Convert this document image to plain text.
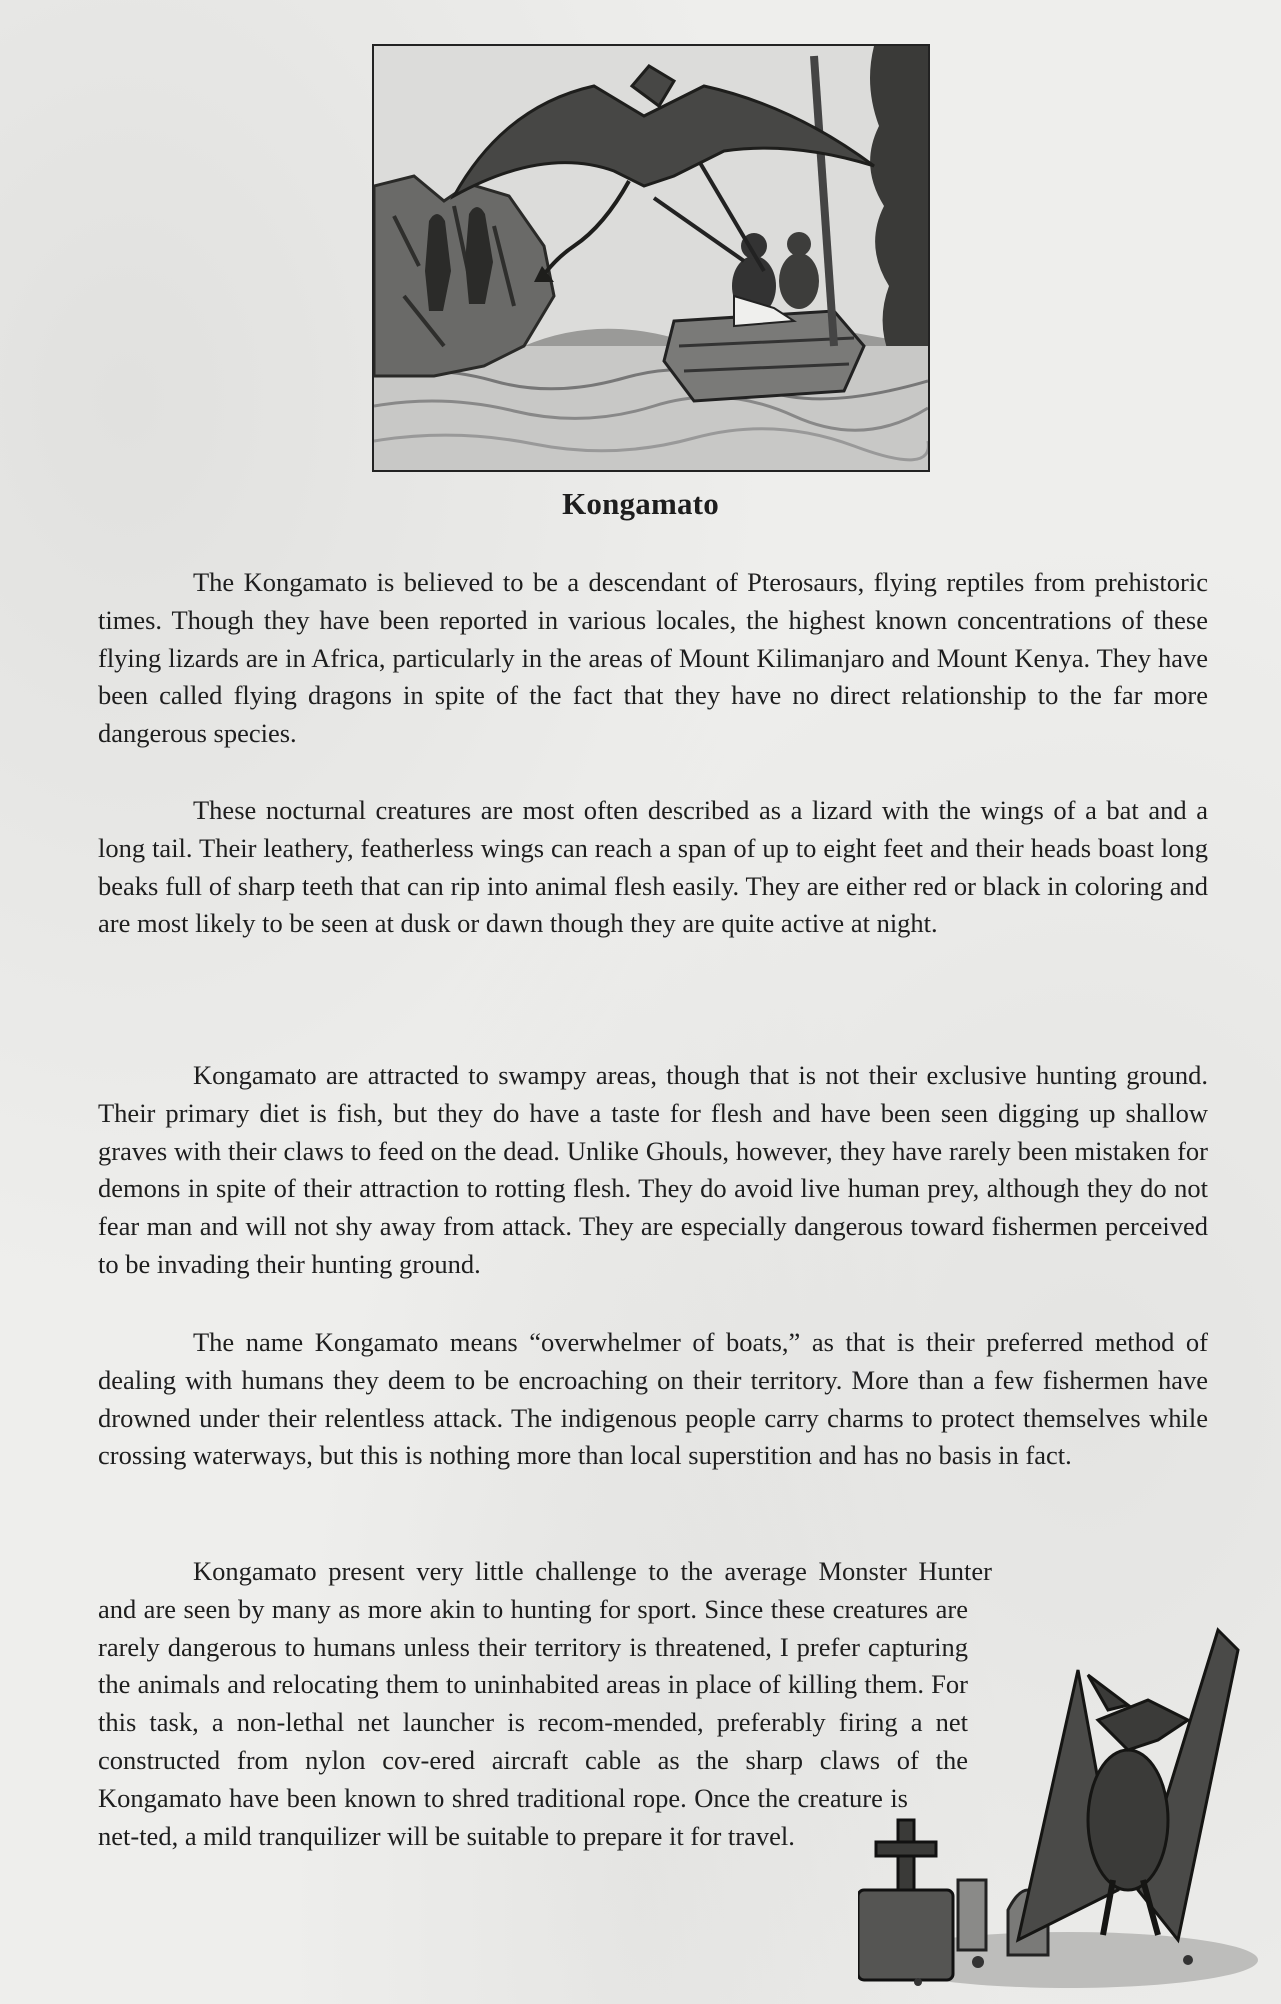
Kongamato

The Kongamato is believed to be a descendant of Pterosaurs, flying reptiles from prehistoric times. Though they have been reported in various locales, the highest known concentrations of these flying lizards are in Africa, particularly in the areas of Mount Kilimanjaro and Mount Kenya. They have been called flying dragons in spite of the fact that they have no direct relationship to the far more dangerous species.

These nocturnal creatures are most often described as a lizard with the wings of a bat and a long tail. Their leathery, featherless wings can reach a span of up to eight feet and their heads boast long beaks full of sharp teeth that can rip into animal flesh easily. They are either red or black in coloring and are most likely to be seen at dusk or dawn though they are quite active at night.

Kongamato are attracted to swampy areas, though that is not their exclusive hunting ground. Their primary diet is fish, but they do have a taste for flesh and have been seen digging up shallow graves with their claws to feed on the dead. Unlike Ghouls, however, they have rarely been mistaken for demons in spite of their attraction to rotting flesh. They do avoid live human prey, although they do not fear man and will not shy away from attack. They are especially dangerous toward fishermen perceived to be invading their hunting ground.

The name Kongamato means “overwhelmer of boats,” as that is their preferred method of dealing with humans they deem to be encroaching on their territory. More than a few fishermen have drowned under their relentless attack. The indigenous people carry charms to protect themselves while crossing waterways, but this is nothing more than local superstition and has no basis in fact.

Kongamato present very little challenge to the average Monster Hunter and are seen by many as more akin to hunting for sport. Since these creatures are rarely dangerous to humans unless their territory is threatened, I prefer capturing the animals and relocating them to uninhabited areas in place of killing them. For this task, a non-lethal net launcher is recom-mended, preferably firing a net constructed from nylon cov-ered aircraft cable as the sharp claws of the Kongamato have been known to shred traditional rope. Once the creature is net-ted, a mild tranquilizer will be suitable to prepare it for travel.
